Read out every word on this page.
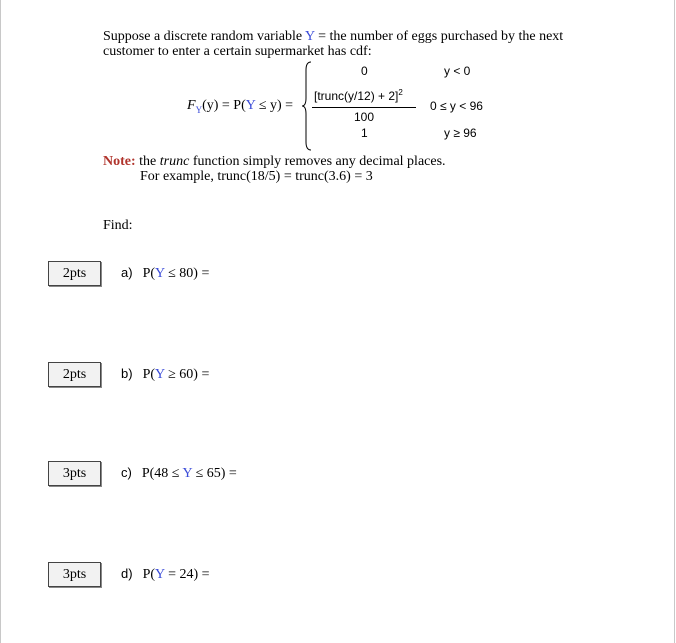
Suppose a discrete random variable Y = the number of eggs purchased by the next
customer to enter a certain supermarket has cdf:
$F_Y(y) = P(Y \le y)$ =
0	y < 0
[trunc(y/12) + 2]$^2$
100
0 ≤ y < 96
1	y ≥ 96
Note: the trunc function simply removes any decimal places.
For example, trunc(18/5) = trunc(3.6) = 3
Find:
2pts	a) P(Y ≤ 80) =
2pts	b) P(Y ≥ 60) =
3pts	c) P(48 ≤ Y ≤ 65) =
3pts	d) P(Y = 24) =
